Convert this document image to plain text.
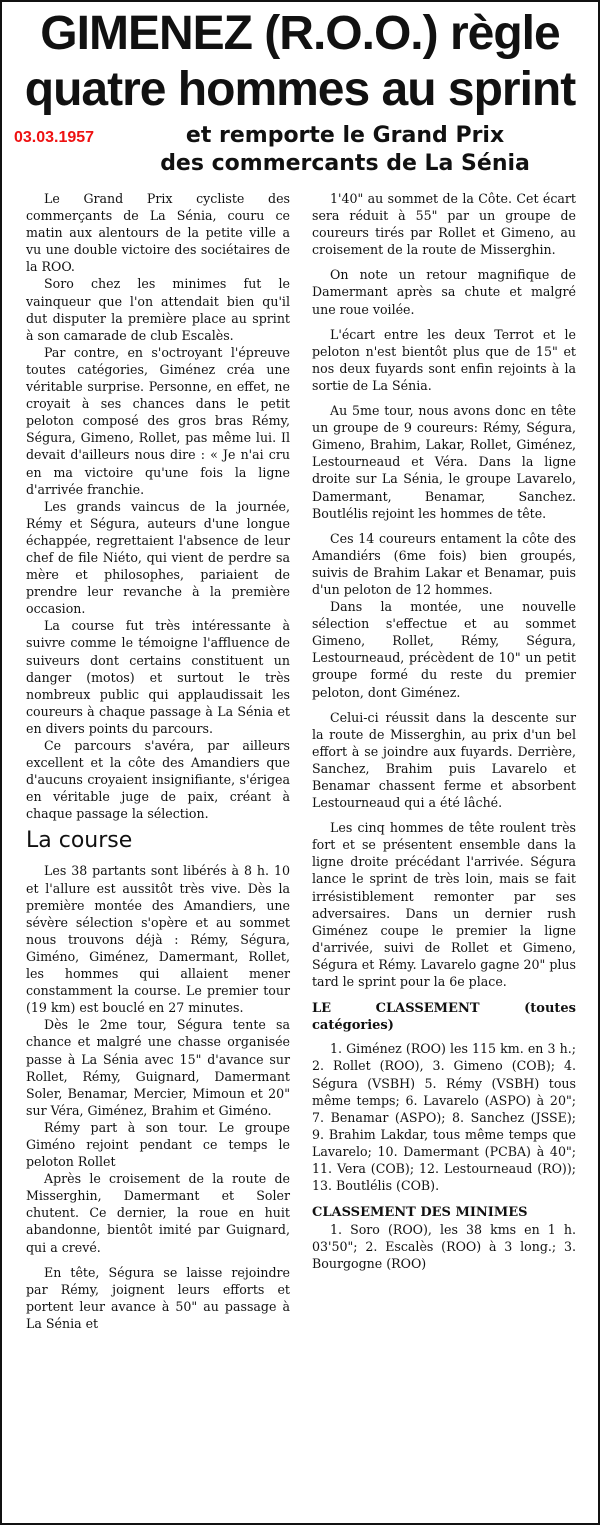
GIMENEZ (R.O.O.) règle
quatre hommes au sprint
03.03.1957	et remporte le Grand Prix
des commercants de La Sénia

Le Grand Prix cycliste des commerçants de La Sénia, couru ce matin aux alentours de la petite ville a vu une double victoire des sociétaires de la ROO.

Soro chez les minimes fut le vainqueur que l'on attendait bien qu'il dut disputer la première place au sprint à son camarade de club Escalès.

Par contre, en s'octroyant l'épreuve toutes catégories, Giménez créa une véritable surprise. Personne, en effet, ne croyait à ses chances dans le petit peloton composé des gros bras Rémy, Ségura, Gimeno, Rollet, pas même lui. Il devait d'ailleurs nous dire : « Je n'ai cru en ma victoire qu'une fois la ligne d'arrivée franchie.

Les grands vaincus de la journée, Rémy et Ségura, auteurs d'une longue échappée, regrettaient l'absence de leur chef de file Niéto, qui vient de perdre sa mère et philosophes, pariaient de prendre leur revanche à la première occasion.

La course fut très intéressante à suivre comme le témoigne l'affluence de suiveurs dont certains constituent un danger (motos) et surtout le très nombreux public qui applaudissait les coureurs à chaque passage à La Sénia et en divers points du parcours.

Ce parcours s'avéra, par ailleurs excellent et la côte des Amandiers que d'aucuns croyaient insignifiante, s'érigea en véritable juge de paix, créant à chaque passage la sélection.

La course

Les 38 partants sont libérés à 8 h. 10 et l'allure est aussitôt très vive. Dès la première montée des Amandiers, une sévère sélection s'opère et au sommet nous trouvons déjà : Rémy, Ségura, Giméno, Giménez, Damermant, Rollet, les hommes qui allaient mener constamment la course. Le premier tour (19 km) est bouclé en 27 minutes.

Dès le 2me tour, Ségura tente sa chance et malgré une chasse organisée passe à La Sénia avec 15" d'avance sur Rollet, Rémy, Guignard, Damermant Soler, Benamar, Mercier, Mimoun et 20" sur Véra, Giménez, Brahim et Giméno.

Rémy part à son tour. Le groupe Giméno rejoint pendant ce temps le peloton Rollet

Après le croisement de la route de Misserghin, Damermant et Soler chutent. Ce dernier, la roue en huit abandonne, bientôt imité par Guignard, qui a crevé.

En tête, Ségura se laisse rejoindre par Rémy, joignent leurs efforts et portent leur avance à 50" au passage à La Sénia et

1'40" au sommet de la Côte. Cet écart sera réduit à 55" par un groupe de coureurs tirés par Rollet et Gimeno, au croisement de la route de Misserghin.

On note un retour magnifique de Damermant après sa chute et malgré une roue voilée.

L'écart entre les deux Terrot et le peloton n'est bientôt plus que de 15" et nos deux fuyards sont enfin rejoints à la sortie de La Sénia.

Au 5me tour, nous avons donc en tête un groupe de 9 coureurs: Rémy, Ségura, Gimeno, Brahim, Lakar, Rollet, Giménez, Lestourneaud et Véra. Dans la ligne droite sur La Sénia, le groupe Lavarelo, Damermant, Benamar, Sanchez. Boutlélis rejoint les hommes de tête.

Ces 14 coureurs entament la côte des Amandiérs (6me fois) bien groupés, suivis de Brahim Lakar et Benamar, puis d'un peloton de 12 hommes.

Dans la montée, une nouvelle sélection s'effectue et au sommet Gimeno, Rollet, Rémy, Ségura, Lestourneaud, précèdent de 10" un petit groupe formé du reste du premier peloton, dont Giménez.

Celui-ci réussit dans la descente sur la route de Misserghin, au prix d'un bel effort à se joindre aux fuyards. Derrière, Sanchez, Brahim puis Lavarelo et Benamar chassent ferme et absorbent Lestourneaud qui a été lâché.

Les cinq hommes de tête roulent très fort et se présentent ensemble dans la ligne droite précédant l'arrivée. Ségura lance le sprint de très loin, mais se fait irrésistiblement remonter par ses adversaires. Dans un dernier rush Giménez coupe le premier la ligne d'arrivée, suivi de Rollet et Gimeno, Ségura et Rémy. Lavarelo gagne 20" plus tard le sprint pour la 6e place.

LE CLASSEMENT	(toutes catégories)

1. Giménez (ROO) les 115 km. en 3 h.; 2. Rollet (ROO), 3. Gimeno (COB); 4. Ségura (VSBH) 5. Rémy (VSBH) tous même temps; 6. Lavarelo (ASPO) à 20"; 7. Benamar (ASPO); 8. Sanchez (JSSE); 9. Brahim Lakdar, tous même temps que Lavarelo; 10. Damermant (PCBA) à 40"; 11. Vera (COB); 12. Lestourneaud (RO)); 13. Boutlélis (COB).

CLASSEMENT DES MINIMES

1. Soro (ROO), les 38 kms en 1 h. 03'50"; 2. Escalès (ROO) à 3 long.; 3. Bourgogne (ROO)
